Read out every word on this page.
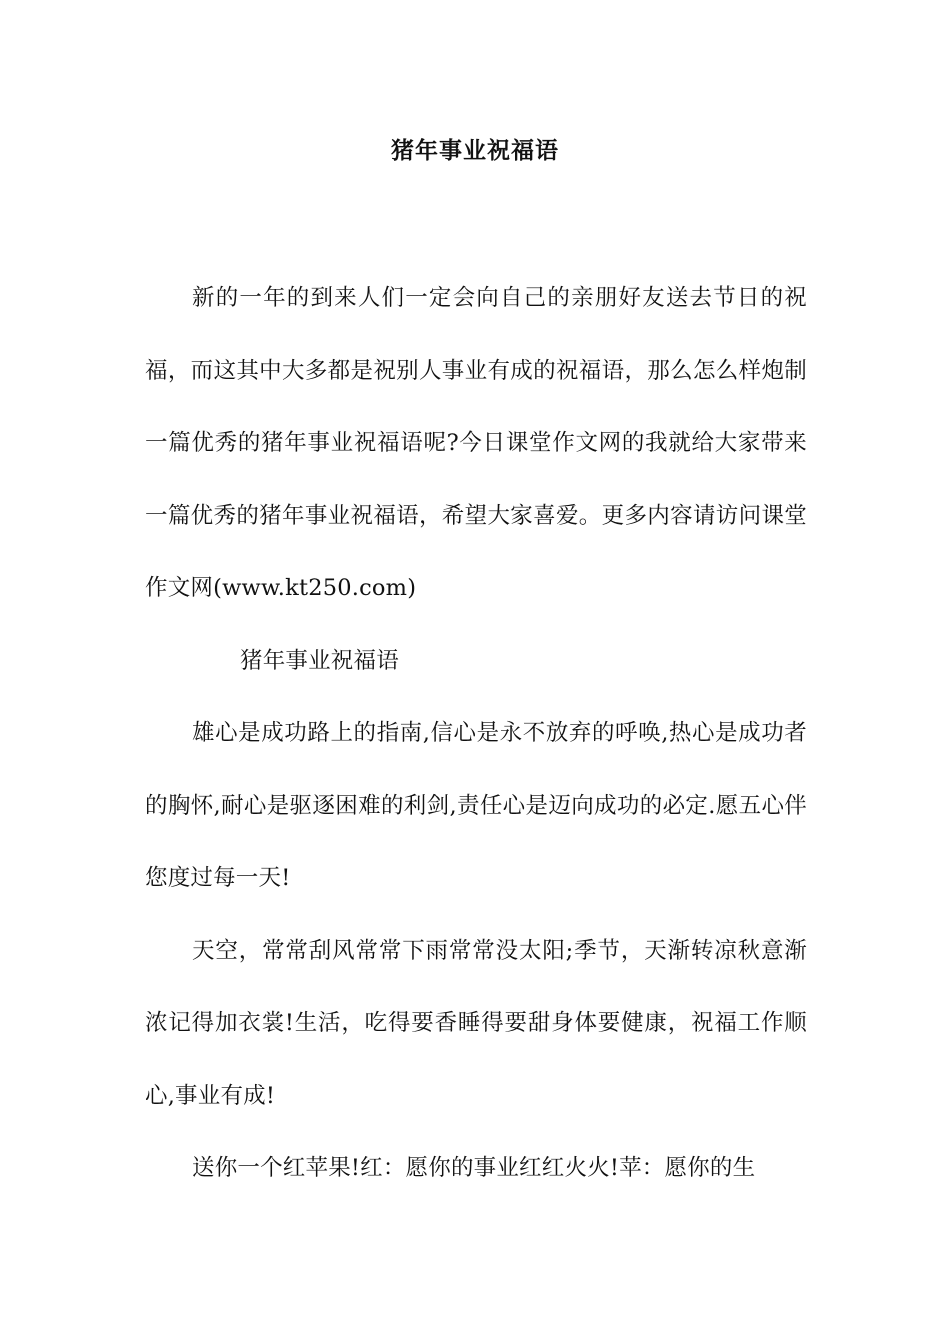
猪年事业祝福语

新的一年的到来人们一定会向自己的亲朋好友送去节日的祝福，而这其中大多都是祝别人事业有成的祝福语，那么怎么样炮制一篇优秀的猪年事业祝福语呢?今日课堂作文网的我就给大家带来一篇优秀的猪年事业祝福语，希望大家喜爱。更多内容请访问课堂作文网(www.kt250.com)

猪年事业祝福语

雄心是成功路上的指南,信心是永不放弃的呼唤,热心是成功者的胸怀,耐心是驱逐困难的利剑,责任心是迈向成功的必定.愿五心伴您度过每一天!

天空，常常刮风常常下雨常常没太阳;季节，天渐转凉秋意渐浓记得加衣裳!生活，吃得要香睡得要甜身体要健康，祝福工作顺心,事业有成!

送你一个红苹果!红：愿你的事业红红火火!苹：愿你的生
